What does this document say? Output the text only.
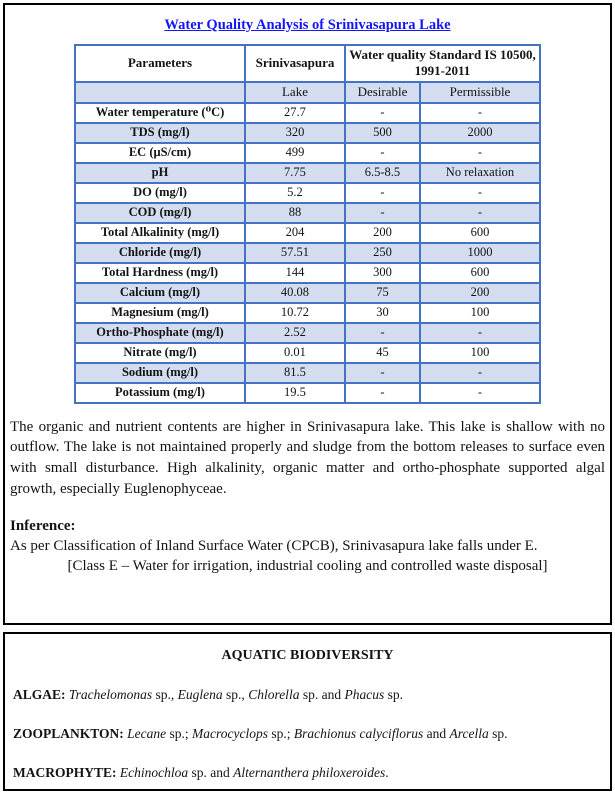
Water Quality Analysis of Srinivasapura Lake
Parameters	Srinivasapura	Water quality Standard IS 10500, 1991-2011	
	Lake	Desirable	Permissible
Water temperature (⁰C)	27.7	-	-
TDS (mg/l)	320	500	2000
EC (μS/cm)	499	-	-
pH	7.75	6.5-8.5	No relaxation
DO (mg/l)	5.2	-	-
COD (mg/l)	88	-	-
Total Alkalinity (mg/l)	204	200	600
Chloride (mg/l)	57.51	250	1000
Total Hardness (mg/l)	144	300	600
Calcium (mg/l)	40.08	75	200
Magnesium (mg/l)	10.72	30	100
Ortho-Phosphate (mg/l)	2.52	-	-
Nitrate (mg/l)	0.01	45	100
Sodium (mg/l)	81.5	-	-
Potassium (mg/l)	19.5	-	-

The organic and nutrient contents are higher in Srinivasapura lake. This lake is shallow with no outflow. The lake is not maintained properly and sludge from the bottom releases to surface even with small disturbance. High alkalinity, organic matter and ortho-phosphate supported algal growth, especially Euglenophyceae.

Inference:
As per Classification of Inland Surface Water (CPCB), Srinivasapura lake falls under E.
[Class E – Water for irrigation, industrial cooling and controlled waste disposal]
AQUATIC BIODIVERSITY

ALGAE: Trachelomonas sp., Euglena sp., Chlorella sp. and Phacus sp.

ZOOPLANKTON: Lecane sp.; Macrocyclops sp.; Brachionus calyciflorus and Arcella sp.

MACROPHYTE: Echinochloa sp. and Alternanthera philoxeroides.
